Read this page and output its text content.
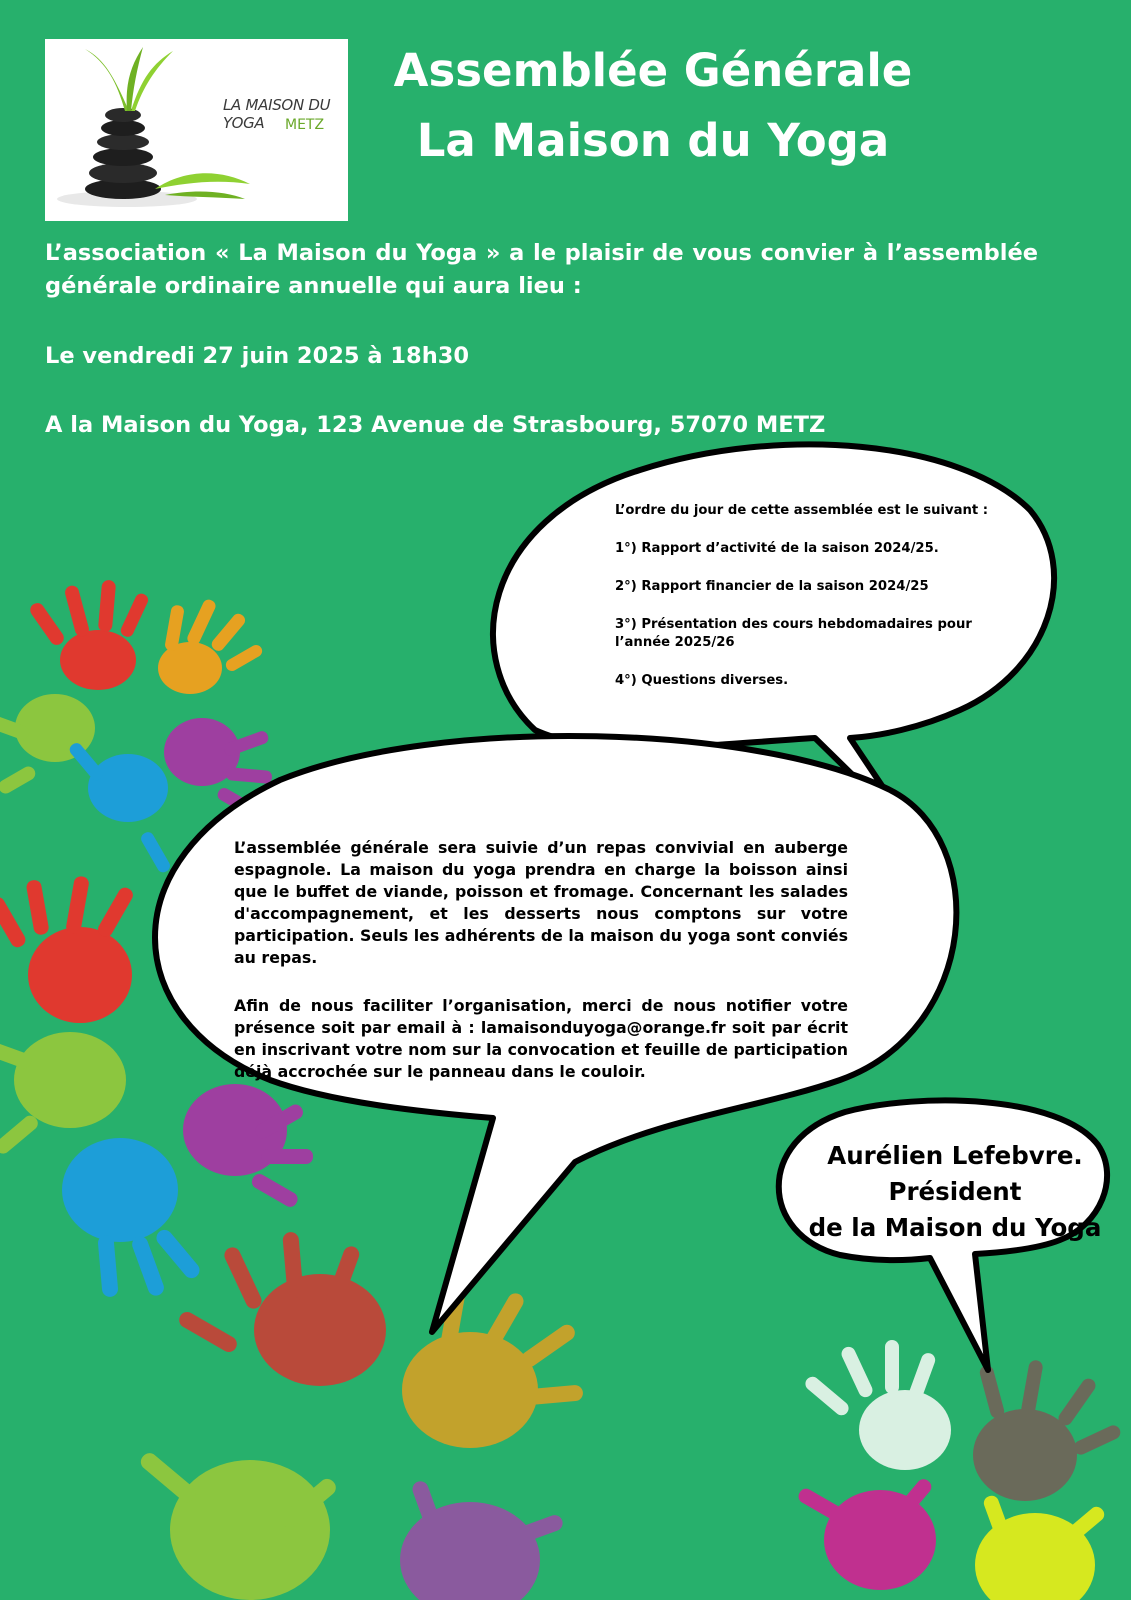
LA MAISON DU YOGA	METZ
Assemblée Générale
La Maison du Yoga
L’association « La Maison du Yoga » a le plaisir de vous convier à l’assemblée générale ordinaire annuelle qui aura lieu :
Le vendredi 27 juin 2025 à 18h30
A la Maison du Yoga, 123 Avenue de Strasbourg, 57070 METZ

L’ordre du jour de cette assemblée est le suivant :

1°) Rapport d’activité de la saison 2024/25.

2°) Rapport financier de la saison 2024/25

3°) Présentation des cours hebdomadaires pour l’année 2025/26

4°) Questions diverses.

L’assemblée générale sera suivie d’un repas convivial en auberge espagnole. La maison du yoga prendra en charge la boisson ainsi que le buffet de viande, poisson et fromage. Concernant les salades d'accompagnement, et les desserts nous comptons sur votre participation. Seuls les adhérents de la maison du yoga sont conviés au repas.

Afin de nous faciliter l’organisation, merci de nous notifier votre présence soit par email à : lamaisonduyoga@orange.fr soit par écrit en inscrivant votre nom sur la convocation et feuille de participation déjà accrochée sur le panneau dans le couloir.

Aurélien Lefebvre.
Président
de la Maison du Yoga
